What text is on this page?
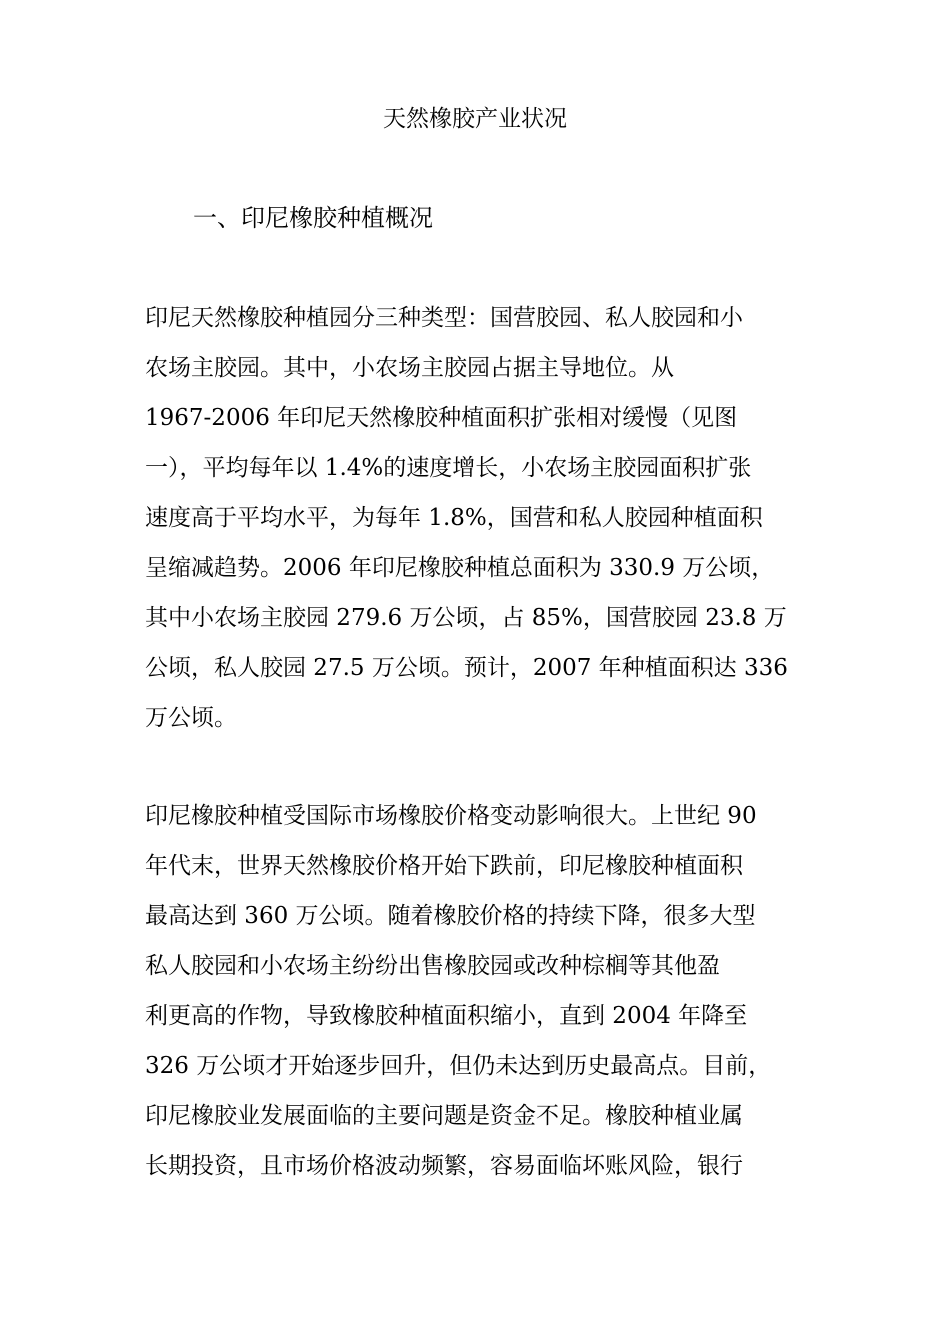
天然橡胶产业状况
一、印尼橡胶种植概况
印尼天然橡胶种植园分三种类型：国营胶园、私人胶园和小
农场主胶园。其中，小农场主胶园占据主导地位。从
1967-2006 年印尼天然橡胶种植面积扩张相对缓慢（见图
一），平均每年以 1.4%的速度增长，小农场主胶园面积扩张
速度高于平均水平，为每年 1.8%，国营和私人胶园种植面积
呈缩减趋势。2006 年印尼橡胶种植总面积为 330.9 万公顷，
其中小农场主胶园 279.6 万公顷，占 85%，国营胶园 23.8 万
公顷，私人胶园 27.5 万公顷。预计，2007 年种植面积达 336
万公顷。
印尼橡胶种植受国际市场橡胶价格变动影响很大。上世纪 90
年代末，世界天然橡胶价格开始下跌前，印尼橡胶种植面积
最高达到 360 万公顷。随着橡胶价格的持续下降，很多大型
私人胶园和小农场主纷纷出售橡胶园或改种棕榈等其他盈
利更高的作物，导致橡胶种植面积缩小，直到 2004 年降至
326 万公顷才开始逐步回升，但仍未达到历史最高点。目前，
印尼橡胶业发展面临的主要问题是资金不足。橡胶种植业属
长期投资，且市场价格波动频繁，容易面临坏账风险，银行
